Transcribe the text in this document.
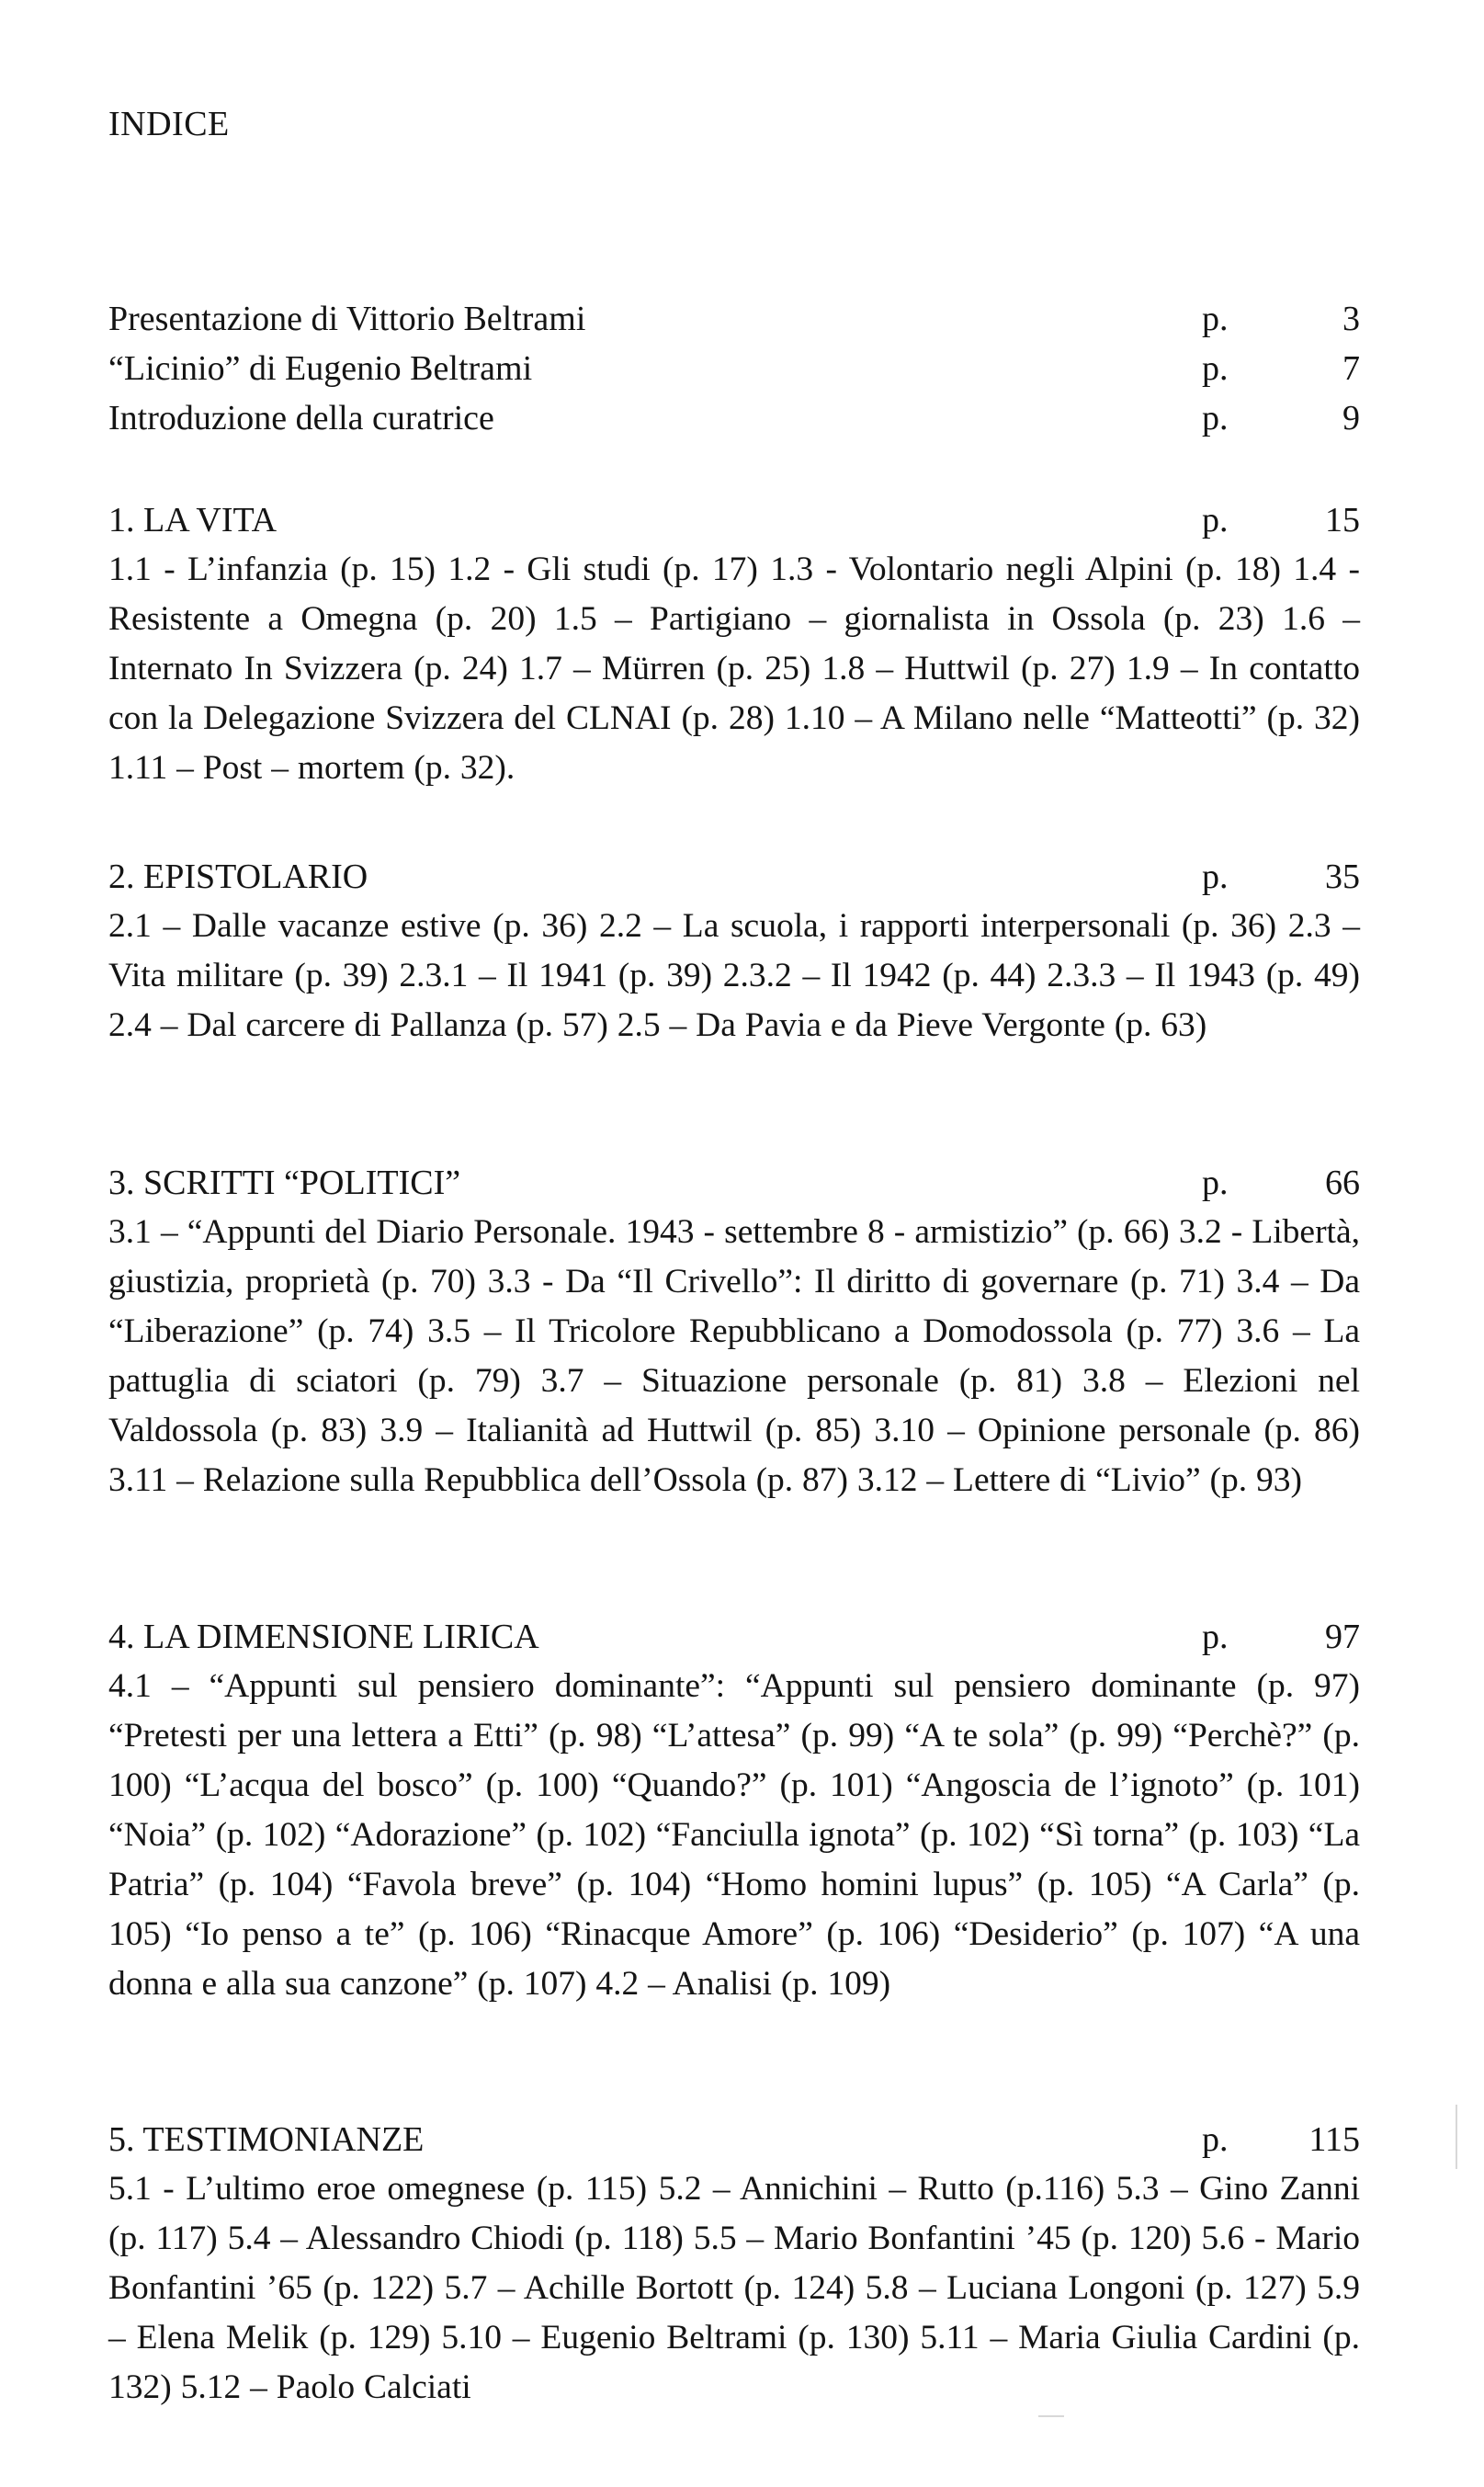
INDICE
Presentazione di Vittorio Beltrami	p.	3
“Licinio” di Eugenio Beltrami	p.	7
Introduzione della curatrice	p.	9
1. LA VITA	p.	15

1.1 - L’infanzia (p. 15) 1.2 - Gli studi (p. 17) 1.3 - Volontario negli Alpini (p. 18) 1.4 - Resistente a Omegna (p. 20) 1.5 – Partigiano – giornalista in Ossola (p. 23) 1.6 – Internato In Svizzera (p. 24) 1.7 – Mürren (p. 25) 1.8 – Huttwil (p. 27) 1.9 – In contatto con la Delegazione Svizzera del CLNAI (p. 28) 1.10 – A Milano nelle “Matteotti” (p. 32) 1.11 – Post – mortem (p. 32).

2. EPISTOLARIO	p.	35

2.1 – Dalle vacanze estive (p. 36) 2.2 – La scuola, i rapporti interpersonali (p. 36) 2.3 – Vita militare (p. 39) 2.3.1 – Il 1941 (p. 39) 2.3.2 – Il 1942 (p. 44) 2.3.3 – Il 1943 (p. 49) 2.4 – Dal carcere di Pallanza (p. 57) 2.5 – Da Pavia e da Pieve Vergonte (p. 63)

3. SCRITTI “POLITICI”	p.	66

3.1 – “Appunti del Diario Personale. 1943 - settembre 8 - armistizio” (p. 66) 3.2 - Libertà, giustizia, proprietà (p. 70) 3.3 - Da “Il Crivello”: Il diritto di governare (p. 71) 3.4 – Da “Liberazione” (p. 74) 3.5 – Il Tricolore Repubblicano a Domodossola (p. 77) 3.6 – La pattuglia di sciatori (p. 79) 3.7 – Situazione personale (p. 81) 3.8 – Elezioni nel Valdossola (p. 83) 3.9 – Italianità ad Huttwil (p. 85) 3.10 – Opinione personale (p. 86) 3.11 – Relazione sulla Repubblica dell’Ossola (p. 87) 3.12 – Lettere di “Livio” (p. 93)

4. LA DIMENSIONE LIRICA	p.	97

4.1 – “Appunti sul pensiero dominante”: “Appunti sul pensiero dominante (p. 97) “Pretesti per una lettera a Etti” (p. 98) “L’attesa” (p. 99) “A te sola” (p. 99) “Perchè?” (p. 100) “L’acqua del bosco” (p. 100) “Quando?” (p. 101) “Angoscia de l’ignoto” (p. 101) “Noia” (p. 102) “Adorazione” (p. 102) “Fanciulla ignota” (p. 102) “Sì torna” (p. 103) “La Patria” (p. 104) “Favola breve” (p. 104) “Homo homini lupus” (p. 105) “A Carla” (p. 105) “Io penso a te” (p. 106) “Rinacque Amore” (p. 106) “Desiderio” (p. 107) “A una donna e alla sua canzone” (p. 107) 4.2 – Analisi (p. 109)

5. TESTIMONIANZE	p. 115

5.1 - L’ultimo eroe omegnese (p. 115) 5.2 – Annichini – Rutto (p.116) 5.3 – Gino Zanni (p. 117) 5.4 – Alessandro Chiodi (p. 118) 5.5 – Mario Bonfantini ’45 (p. 120) 5.6 - Mario Bonfantini ’65 (p. 122) 5.7 – Achille Bortott (p. 124) 5.8 – Luciana Longoni (p. 127) 5.9 – Elena Melik (p. 129) 5.10 – Eugenio Beltrami (p. 130) 5.11 – Maria Giulia Cardini (p. 132) 5.12 – Paolo Calciati
